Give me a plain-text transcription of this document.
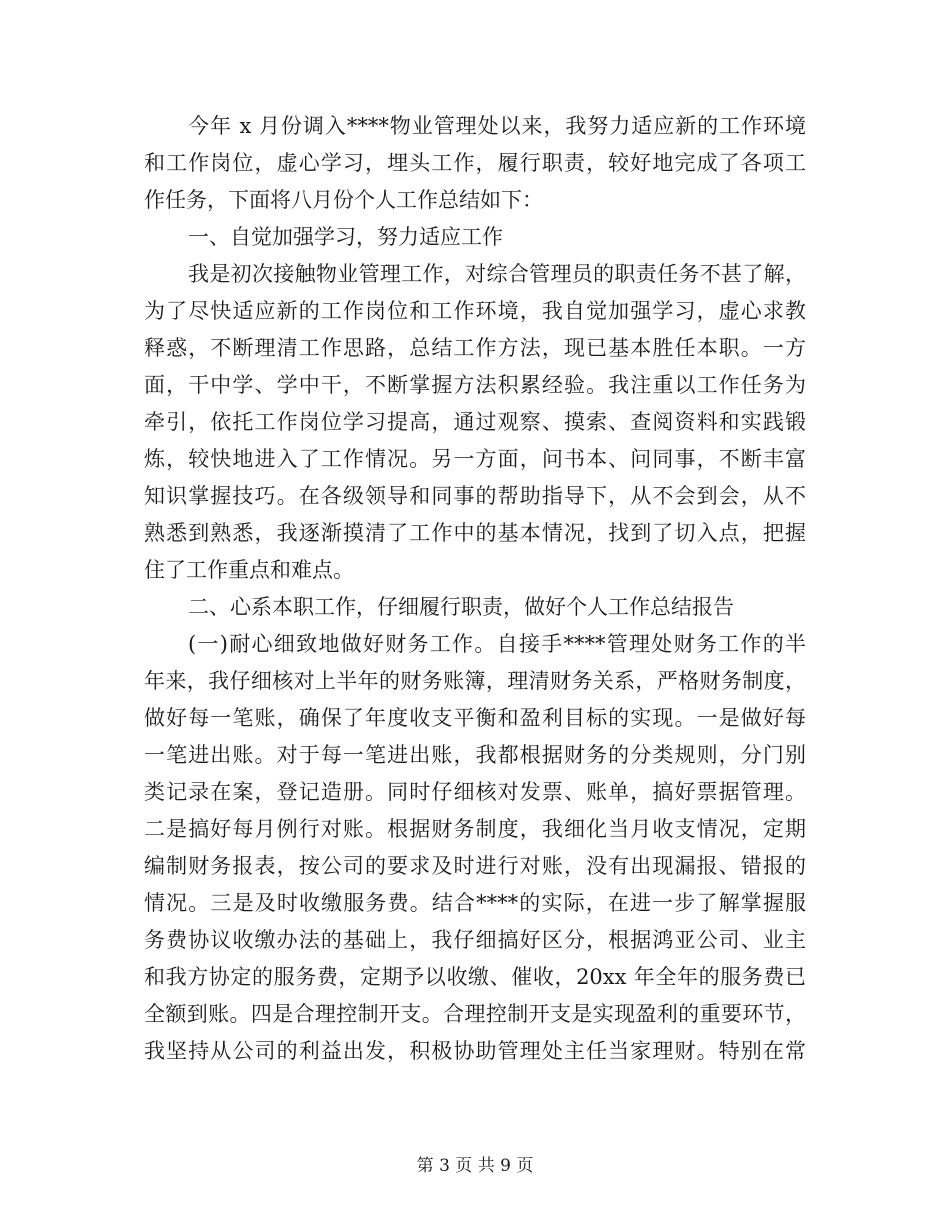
今年 x 月份调入****物业管理处以来，我努力适应新的工作环境
和工作岗位，虚心学习，埋头工作，履行职责，较好地完成了各项工
作任务，下面将八月份个人工作总结如下：
一、自觉加强学习，努力适应工作
我是初次接触物业管理工作，对综合管理员的职责任务不甚了解，
为了尽快适应新的工作岗位和工作环境，我自觉加强学习，虚心求教
释惑，不断理清工作思路，总结工作方法，现已基本胜任本职。一方
面，干中学、学中干，不断掌握方法积累经验。我注重以工作任务为
牵引，依托工作岗位学习提高，通过观察、摸索、查阅资料和实践锻
炼，较快地进入了工作情况。另一方面，问书本、问同事，不断丰富
知识掌握技巧。在各级领导和同事的帮助指导下，从不会到会，从不
熟悉到熟悉，我逐渐摸清了工作中的基本情况，找到了切入点，把握
住了工作重点和难点。
二、心系本职工作，仔细履行职责，做好个人工作总结报告
(一)耐心细致地做好财务工作。自接手****管理处财务工作的半
年来，我仔细核对上半年的财务账簿，理清财务关系，严格财务制度，
做好每一笔账，确保了年度收支平衡和盈利目标的实现。一是做好每
一笔进出账。对于每一笔进出账，我都根据财务的分类规则，分门别
类记录在案，登记造册。同时仔细核对发票、账单，搞好票据管理。
二是搞好每月例行对账。根据财务制度，我细化当月收支情况，定期
编制财务报表，按公司的要求及时进行对账，没有出现漏报、错报的
情况。三是及时收缴服务费。结合****的实际，在进一步了解掌握服
务费协议收缴办法的基础上，我仔细搞好区分，根据鸿亚公司、业主
和我方协定的服务费，定期予以收缴、催收，20xx 年全年的服务费已
全额到账。四是合理控制开支。合理控制开支是实现盈利的重要环节，
我坚持从公司的利益出发，积极协助管理处主任当家理财。特别在常
第 3 页 共 9 页
